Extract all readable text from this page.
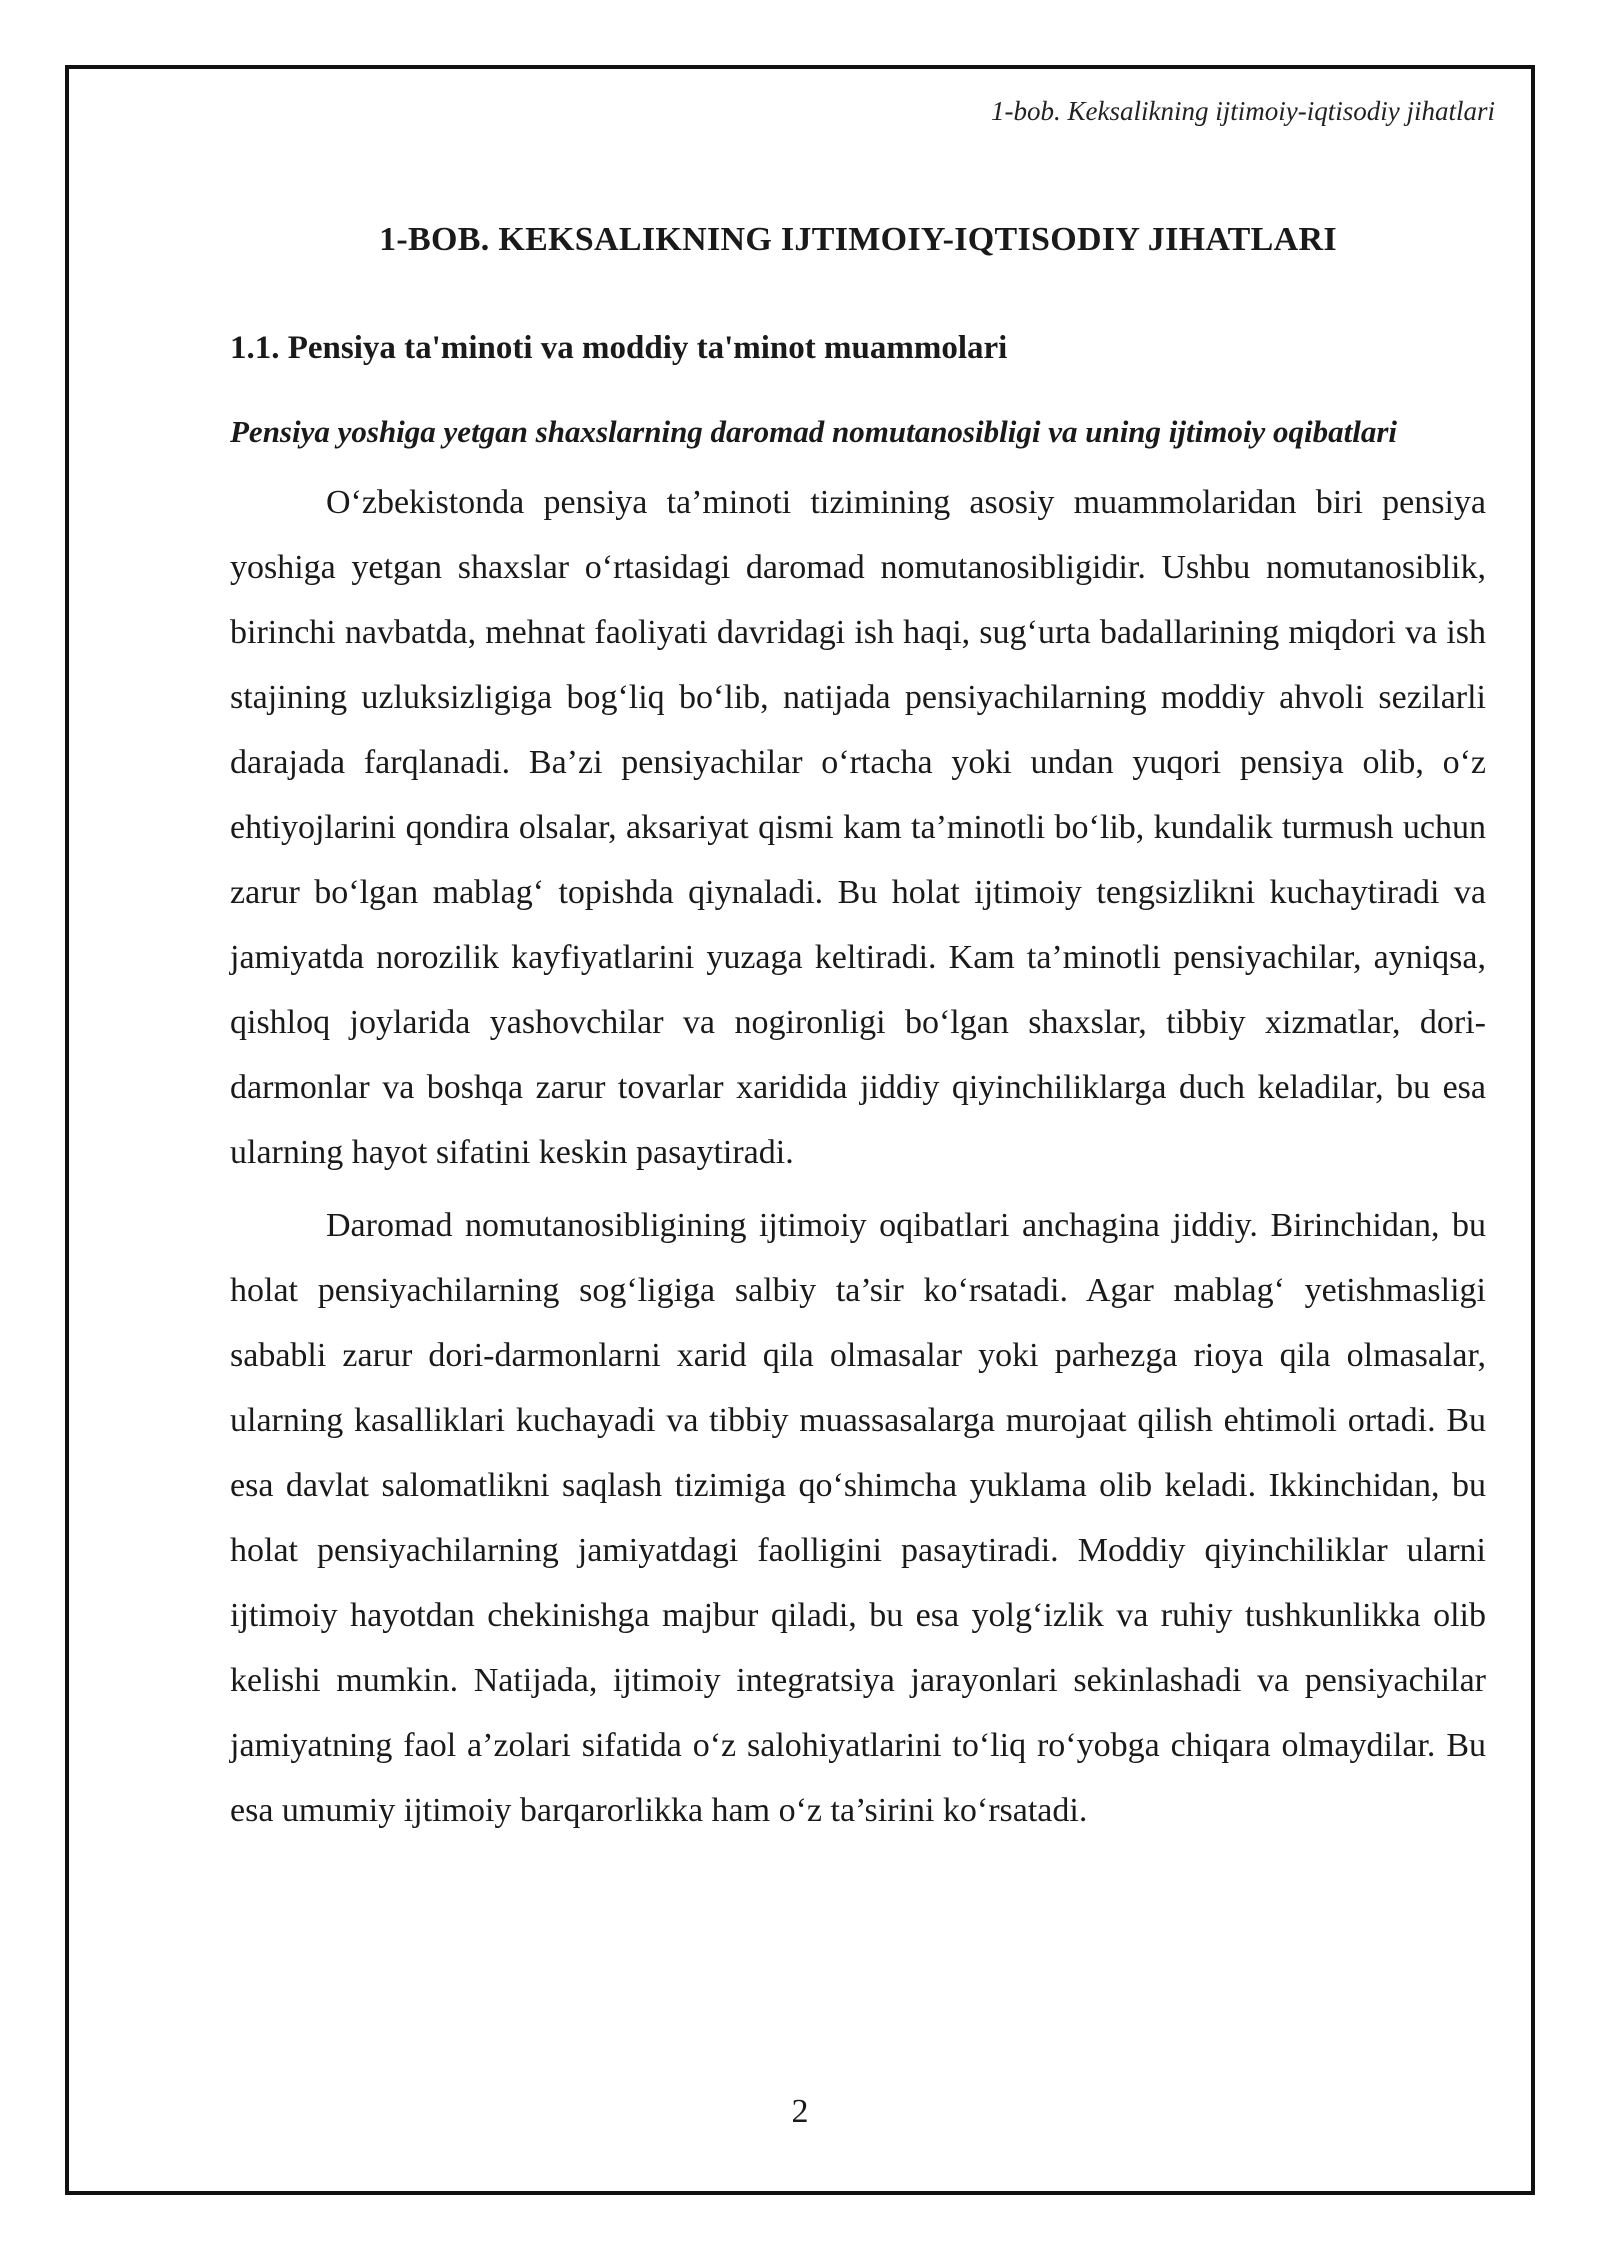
1-bob. Keksalikning ijtimoiy-iqtisodiy jihatlari
1-BOB. KEKSALIKNING IJTIMOIY-IQTISODIY JIHATLARI
1.1. Pensiya ta'minoti va moddiy ta'minot muammolari
Pensiya yoshiga yetgan shaxslarning daromad nomutanosibligi va uning ijtimoiy oqibatlari

O‘zbekistonda pensiya ta’minoti tizimining asosiy muammolaridan biri pensiya yoshiga yetgan shaxslar o‘rtasidagi daromad nomutanosibligidir. Ushbu nomutanosiblik, birinchi navbatda, mehnat faoliyati davridagi ish haqi, sug‘urta badallarining miqdori va ish stajining uzluksizligiga bog‘liq bo‘lib, natijada pensiyachilarning moddiy ahvoli sezilarli darajada farqlanadi. Ba’zi pensiyachilar o‘rtacha yoki undan yuqori pensiya olib, o‘z ehtiyojlarini qondira olsalar, aksariyat qismi kam ta’minotli bo‘lib, kundalik turmush uchun zarur bo‘lgan mablag‘ topishda qiynaladi. Bu holat ijtimoiy tengsizlikni kuchaytiradi va jamiyatda norozilik kayfiyatlarini yuzaga keltiradi. Kam ta’minotli pensiyachilar, ayniqsa, qishloq joylarida yashovchilar va nogironligi bo‘lgan shaxslar, tibbiy xizmatlar, dori-darmonlar va boshqa zarur tovarlar xaridida jiddiy qiyinchiliklarga duch keladilar, bu esa ularning hayot sifatini keskin pasaytiradi.

Daromad nomutanosibligining ijtimoiy oqibatlari anchagina jiddiy. Birinchidan, bu holat pensiyachilarning sog‘ligiga salbiy ta’sir ko‘rsatadi. Agar mablag‘ yetishmasligi sababli zarur dori-darmonlarni xarid qila olmasalar yoki parhezga rioya qila olmasalar, ularning kasalliklari kuchayadi va tibbiy muassasalarga murojaat qilish ehtimoli ortadi. Bu esa davlat salomatlikni saqlash tizimiga qo‘shimcha yuklama olib keladi. Ikkinchidan, bu holat pensiyachilarning jamiyatdagi faolligini pasaytiradi. Moddiy qiyinchiliklar ularni ijtimoiy hayotdan chekinishga majbur qiladi, bu esa yolg‘izlik va ruhiy tushkunlikka olib kelishi mumkin. Natijada, ijtimoiy integratsiya jarayonlari sekinlashadi va pensiyachilar jamiyatning faol a’zolari sifatida o‘z salohiyatlarini to‘liq ro‘yobga chiqara olmaydilar. Bu esa umumiy ijtimoiy barqarorlikka ham o‘z ta’sirini ko‘rsatadi.

2
